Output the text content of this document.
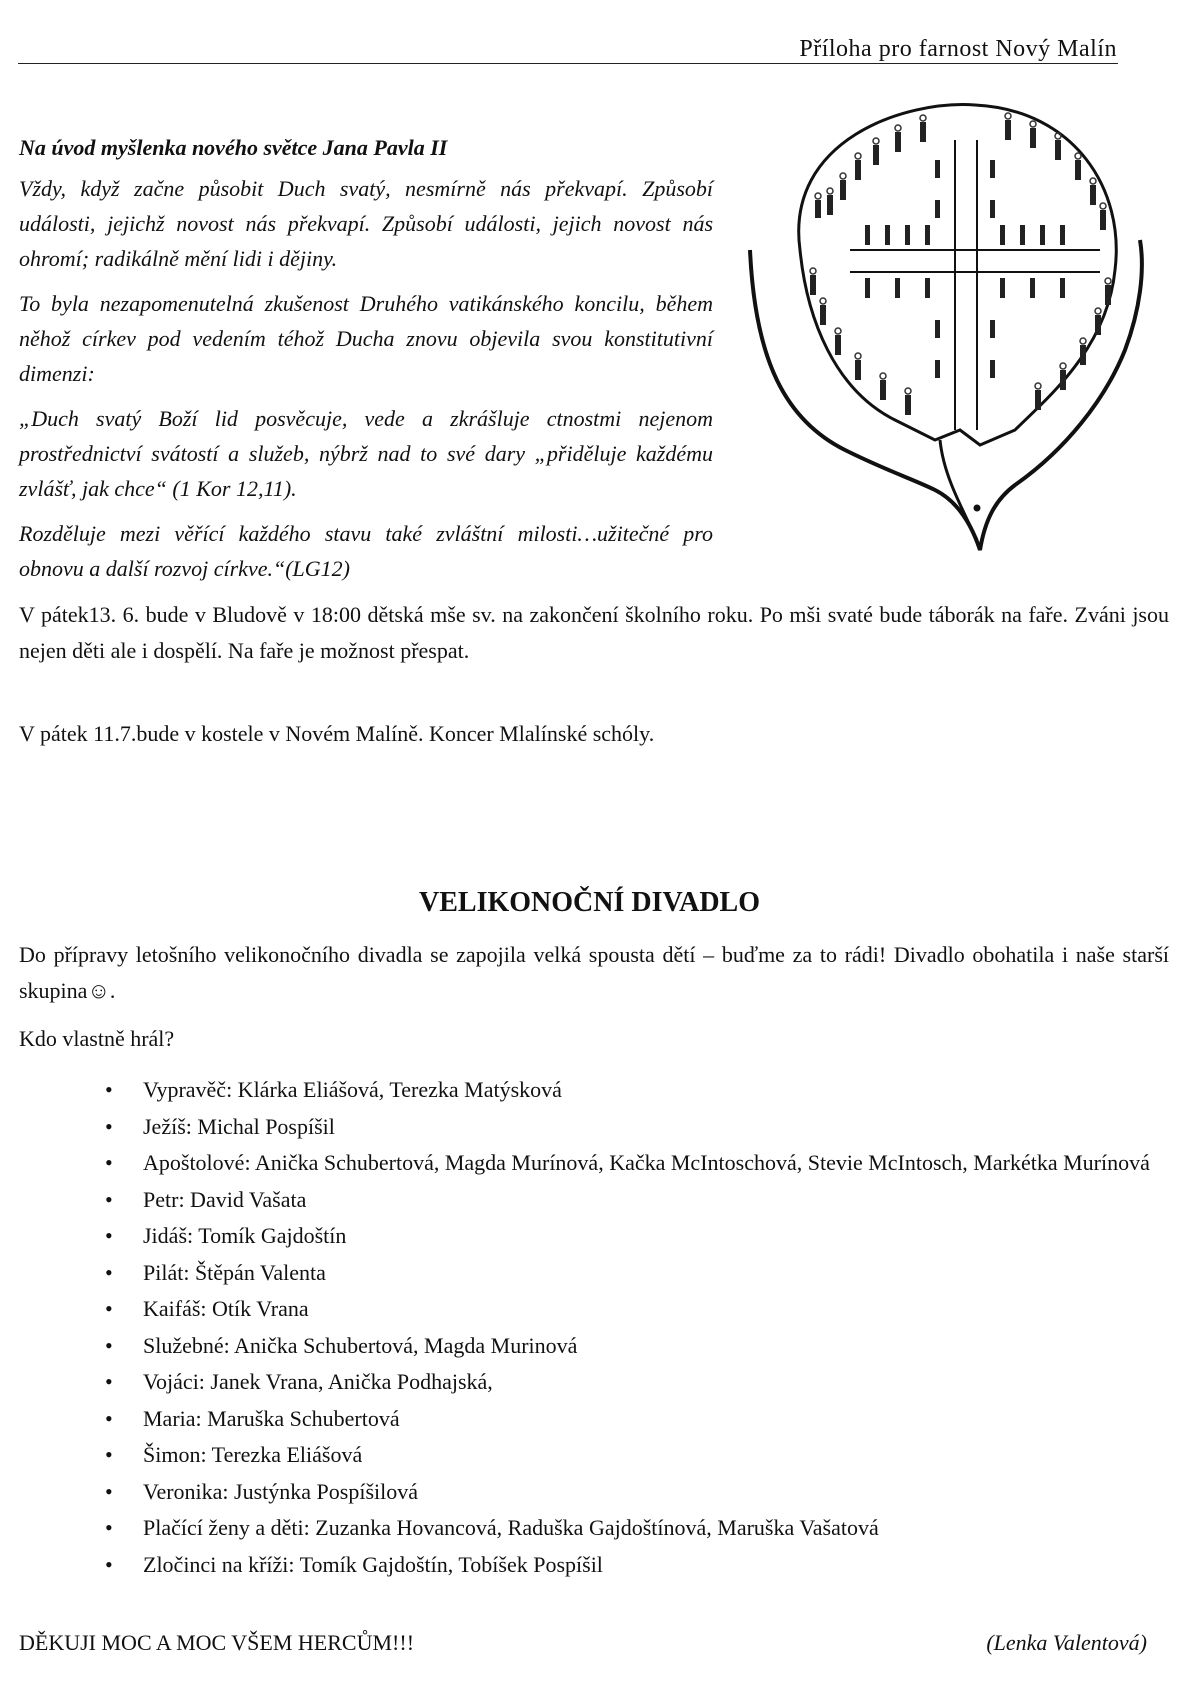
Příloha pro farnost Nový Malín
Na úvod myšlenka nového světce Jana Pavla II

Vždy, když začne působit Duch svatý, nesmírně nás překvapí. Způsobí události, jejichž novost nás překvapí. Způsobí události, jejich novost nás ohromí; radikálně mění lidi i dějiny.

To byla nezapomenutelná zkušenost Druhého vatikánského koncilu, během něhož církev pod vedením téhož Ducha znovu objevila svou konstitutivní dimenzi:

„Duch svatý Boží lid posvěcuje, vede a zkrášluje ctnostmi nejenom prostřednictví svátostí a služeb, nýbrž nad to své dary „přiděluje každému zvlášť, jak chce“ (1 Kor 12,11).

Rozděluje mezi věřící každého stavu také zvláštní milosti…užitečné pro obnovu a další rozvoj církve.“(LG12)

V pátek13. 6. bude v Bludově v 18:00 dětská mše sv. na zakončení školního roku. Po mši svaté bude táborák na faře. Zváni jsou nejen děti ale i dospělí. Na faře je možnost přespat.

V pátek 11.7.bude v kostele v Novém Malíně. Koncer Mlalínské schóly.

VELIKONOČNÍ DIVADLO

Do přípravy letošního velikonočního divadla se zapojila velká spousta dětí – buďme za to rádi! Divadlo obohatila i naše starší skupina☺.

Kdo vlastně hrál?

• Vypravěč: Klárka Eliášová, Terezka Matýsková
• Ježíš: Michal Pospíšil
• Apoštolové: Anička Schubertová, Magda Murínová, Kačka McIntoschová, Stevie McIntosch, Markétka Murínová
• Petr: David Vašata
• Jidáš: Tomík Gajdoštín
• Pilát: Štěpán Valenta
• Kaifáš: Otík Vrana
• Služebné: Anička Schubertová, Magda Murinová
• Vojáci: Janek Vrana, Anička Podhajská,
• Maria: Maruška Schubertová
• Šimon: Terezka Eliášová
• Veronika: Justýnka Pospíšilová
• Plačící ženy a děti: Zuzanka Hovancová, Raduška Gajdoštínová, Maruška Vašatová
• Zločinci na kříži: Tomík Gajdoštín, Tobíšek Pospíšil
DĚKUJI MOC A MOC VŠEM HERCŮM!!!	(Lenka Valentová)
